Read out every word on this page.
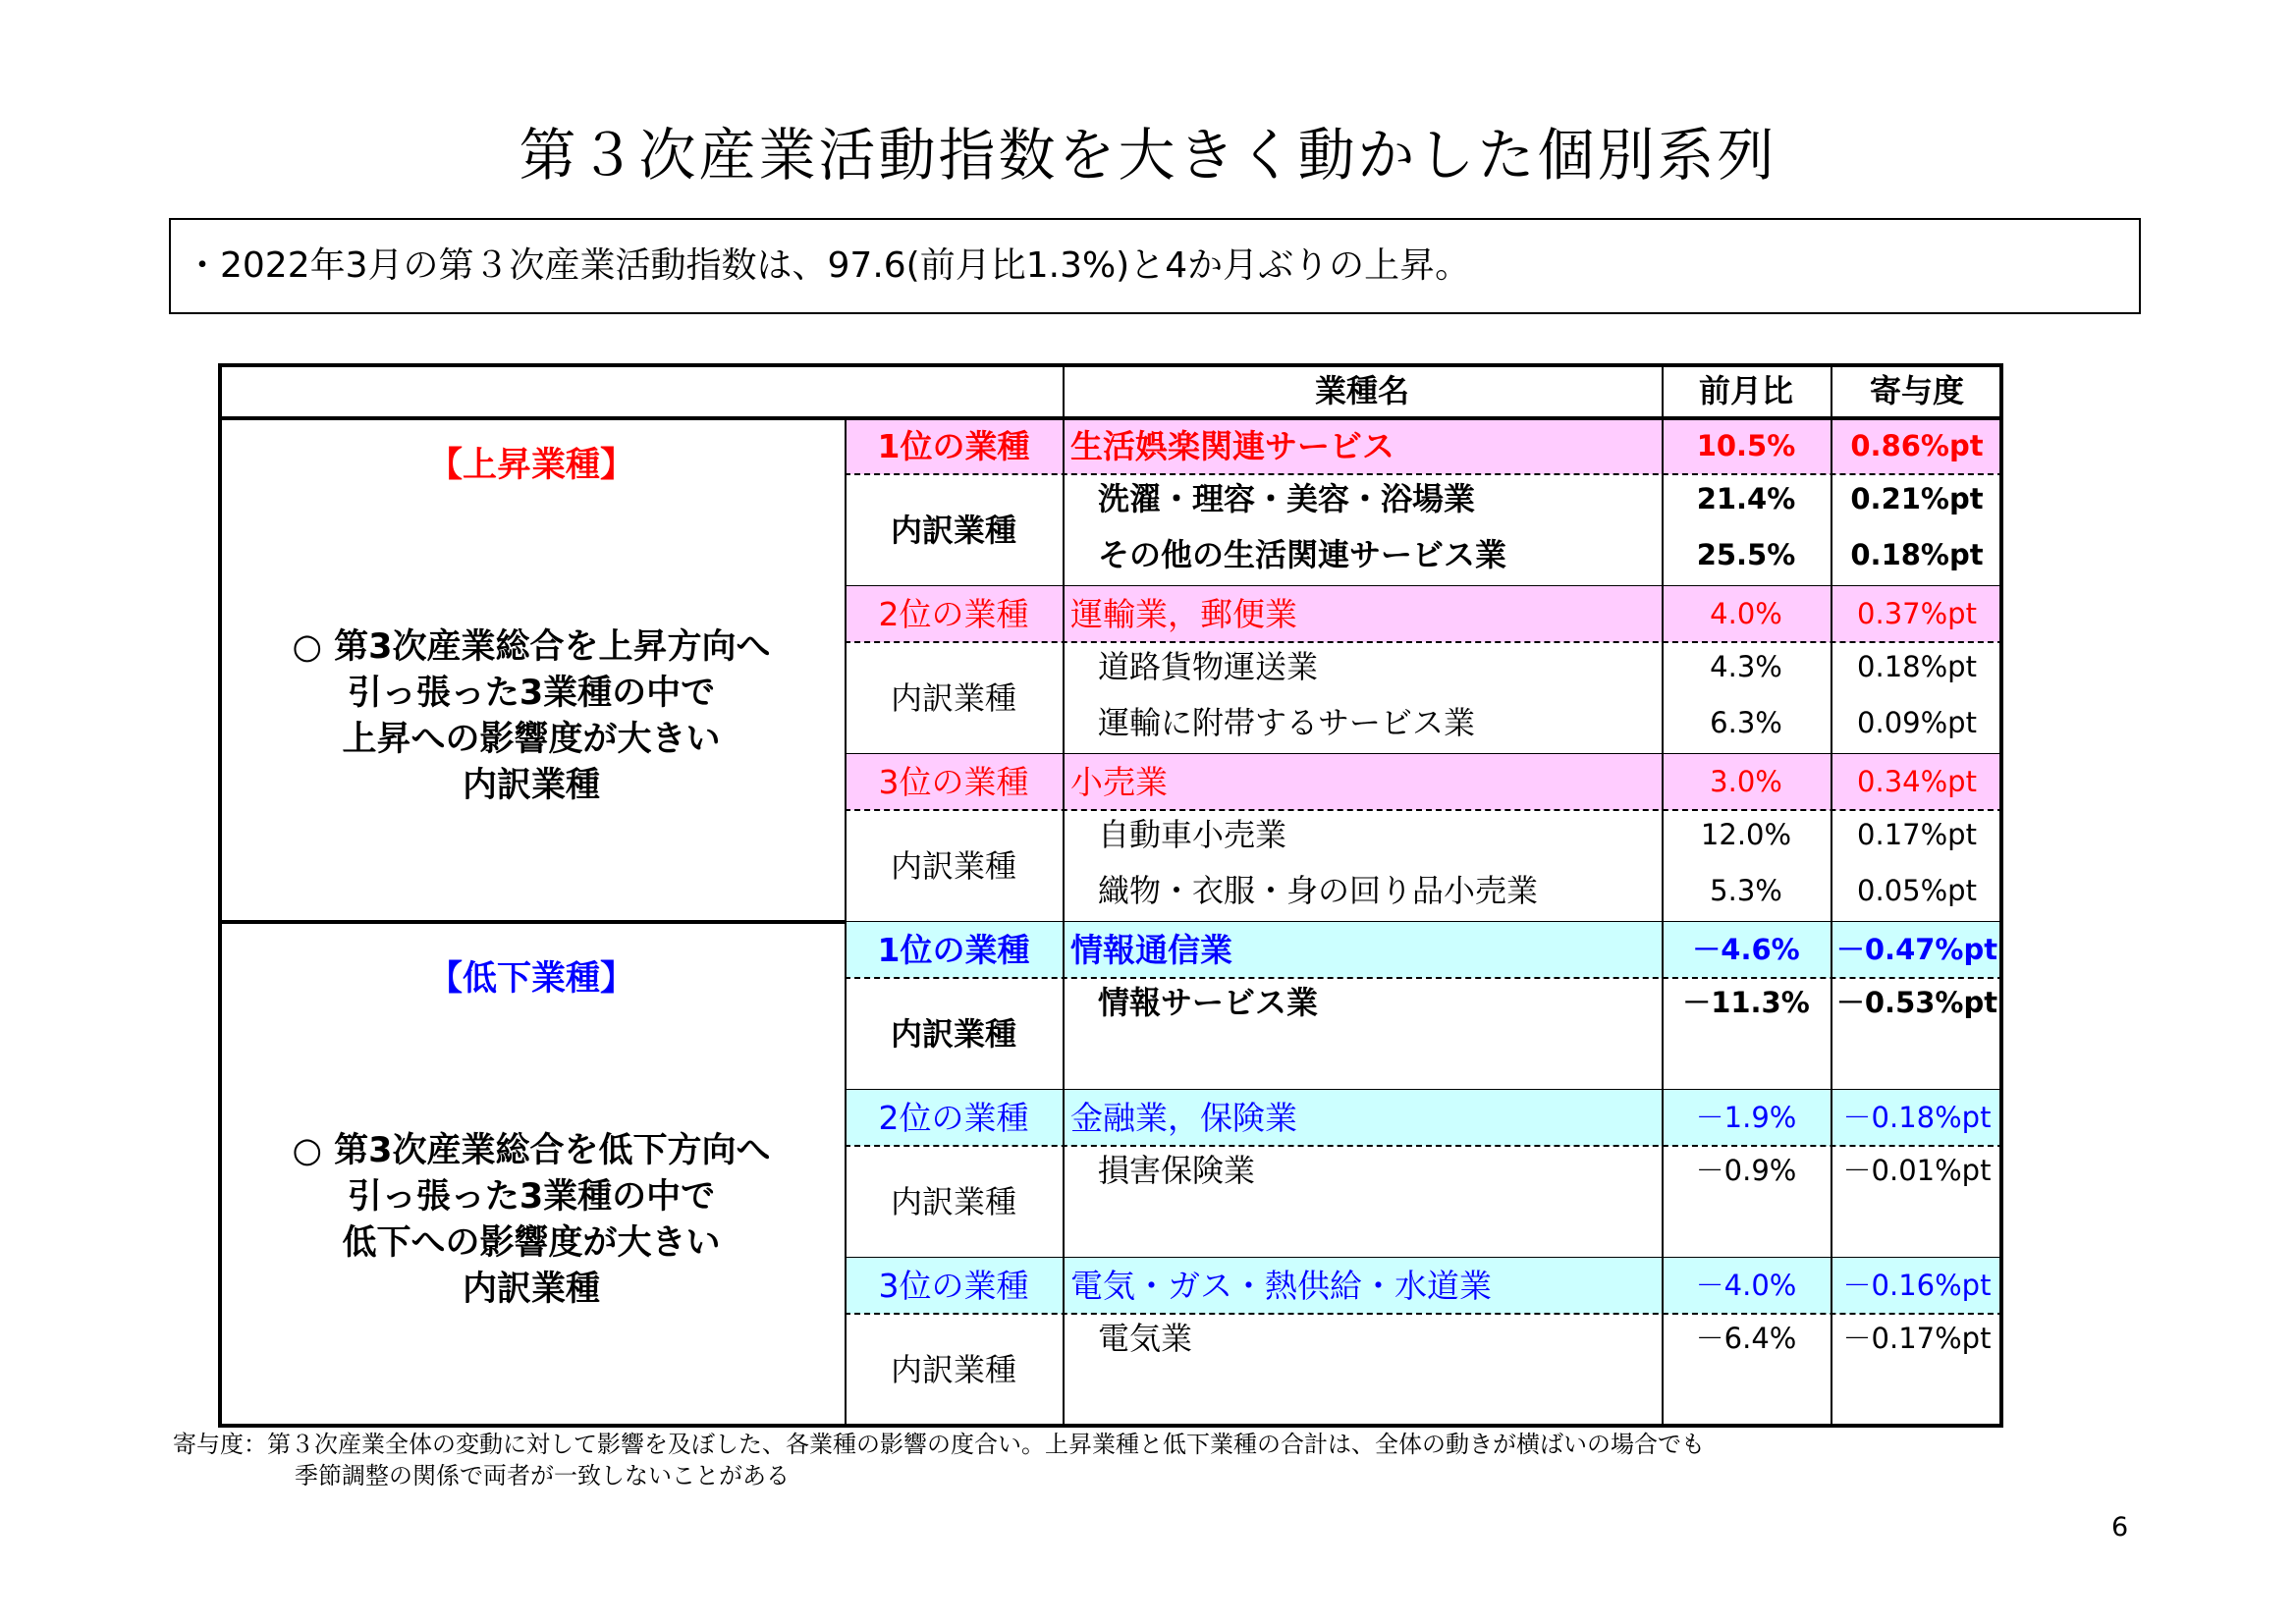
第３次産業活動指数を大きく動かした個別系列
・2022年3月の第３次産業活動指数は、97.6(前月比1.3%)と4か月ぶりの上昇。
業種名	前月比	寄与度
1位の業種	生活娯楽関連サービス	10.5%	0.86%pt
内訳業種
洗濯・理容・美容・浴場業	21.4%	0.21%pt
その他の生活関連サービス業	25.5%	0.18%pt
2位の業種	運輸業，郵便業	4.0%	0.37%pt
内訳業種
道路貨物運送業	4.3%	0.18%pt
運輸に附帯するサービス業	6.3%	0.09%pt
3位の業種	小売業	3.0%	0.34%pt
内訳業種
自動車小売業	12.0%	0.17%pt
織物・衣服・身の回り品小売業	5.3%	0.05%pt
1位の業種	情報通信業	－4.6%	－0.47%pt
内訳業種
情報サービス業	－11.3% －0.53%pt
2位の業種	金融業，保険業	－1.9%	－0.18%pt
内訳業種
損害保険業	－0.9%	－0.01%pt
3位の業種	電気・ガス・熱供給・水道業	－4.0%	－0.16%pt
内訳業種
電気業	－6.4%	－0.17%pt
【上昇業種】
○ 第3次産業総合を上昇方向へ
引っ張った3業種の中で
上昇への影響度が大きい
内訳業種
【低下業種】
○ 第3次産業総合を低下方向へ
引っ張った3業種の中で
低下への影響度が大きい
内訳業種
寄与度：第３次産業全体の変動に対して影響を及ぼした、各業種の影響の度合い。上昇業種と低下業種の合計は、全体の動きが横ばいの場合でも
季節調整の関係で両者が一致しないことがある
6
